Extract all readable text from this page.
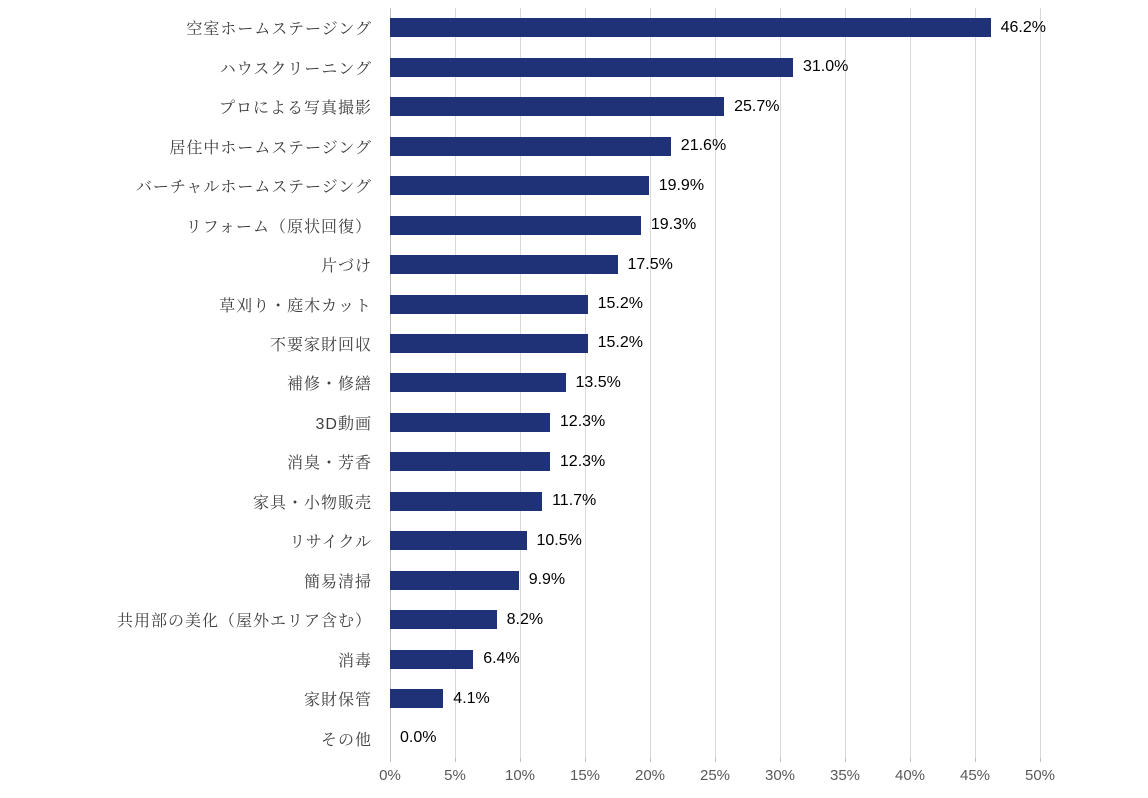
空室ホームステージング	46.2%
ハウスクリーニング	31.0%
プロによる写真撮影	25.7%
居住中ホームステージング	21.6%
バーチャルホームステージング	19.9%
リフォーム（原状回復）	19.3%
片づけ	17.5%
草刈り・庭木カット	15.2%
不要家財回収	15.2%
補修・修繕	13.5%
3D動画	12.3%
消臭・芳香	12.3%
家具・小物販売	11.7%
リサイクル	10.5%
簡易清掃	9.9%
共用部の美化（屋外エリア含む）	8.2%
消毒	6.4%
家財保管	4.1%
その他	0.0%
0%	5%	10%	15%	20%	25%	30%	35%	40%	45%	50%
